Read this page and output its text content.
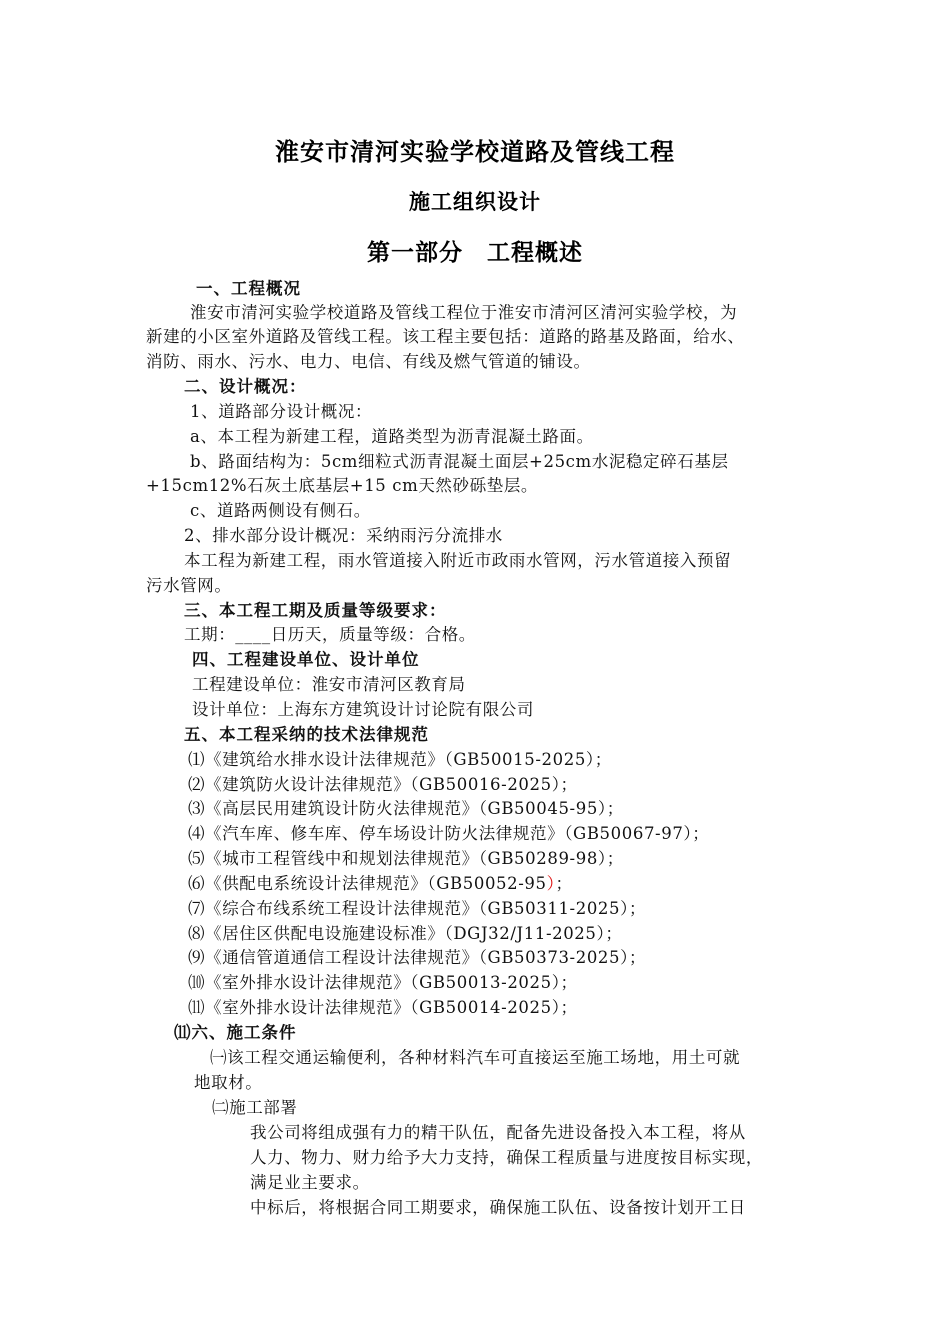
淮安市清河实验学校道路及管线工程
施工组织设计
第一部分　工程概述
一、工程概况
淮安市清河实验学校道路及管线工程位于淮安市清河区清河实验学校，为
新建的小区室外道路及管线工程。该工程主要包括：道路的路基及路面，给水、
消防、雨水、污水、电力、电信、有线及燃气管道的铺设。
二、设计概况：
1、道路部分设计概况：
a、本工程为新建工程，道路类型为沥青混凝土路面。
b、路面结构为：5cm细粒式沥青混凝土面层+25cm水泥稳定碎石基层
+15cm12%石灰土底基层+15 cm天然砂砾垫层。
c、道路两侧设有侧石。
2、排水部分设计概况：采纳雨污分流排水
本工程为新建工程，雨水管道接入附近市政雨水管网，污水管道接入预留
污水管网。
三、本工程工期及质量等级要求：
工期：____日历天，质量等级：合格。
四、工程建设单位、设计单位
工程建设单位：淮安市清河区教育局
设计单位：上海东方建筑设计讨论院有限公司
五、本工程采纳的技术法律规范
⑴《建筑给水排水设计法律规范》（GB50015-2025）；
⑵《建筑防火设计法律规范》（GB50016-2025）；
⑶《高层民用建筑设计防火法律规范》（GB50045-95）；
⑷《汽车库、修车库、停车场设计防火法律规范》（GB50067-97）；
⑸《城市工程管线中和规划法律规范》（GB50289-98）；
⑹《供配电系统设计法律规范》（GB50052-95）；
⑺《综合布线系统工程设计法律规范》（GB50311-2025）；
⑻《居住区供配电设施建设标准》（DGJ32/J11-2025）；
⑼《通信管道通信工程设计法律规范》（GB50373-2025）；
⑽《室外排水设计法律规范》（GB50013-2025）；
⑾《室外排水设计法律规范》（GB50014-2025）；
⑾六、施工条件
㈠该工程交通运输便利，各种材料汽车可直接运至施工场地，用土可就
地取材。
㈡施工部署
我公司将组成强有力的精干队伍，配备先进设备投入本工程，将从
人力、物力、财力给予大力支持，确保工程质量与进度按目标实现，
满足业主要求。
中标后，将根据合同工期要求，确保施工队伍、设备按计划开工日
